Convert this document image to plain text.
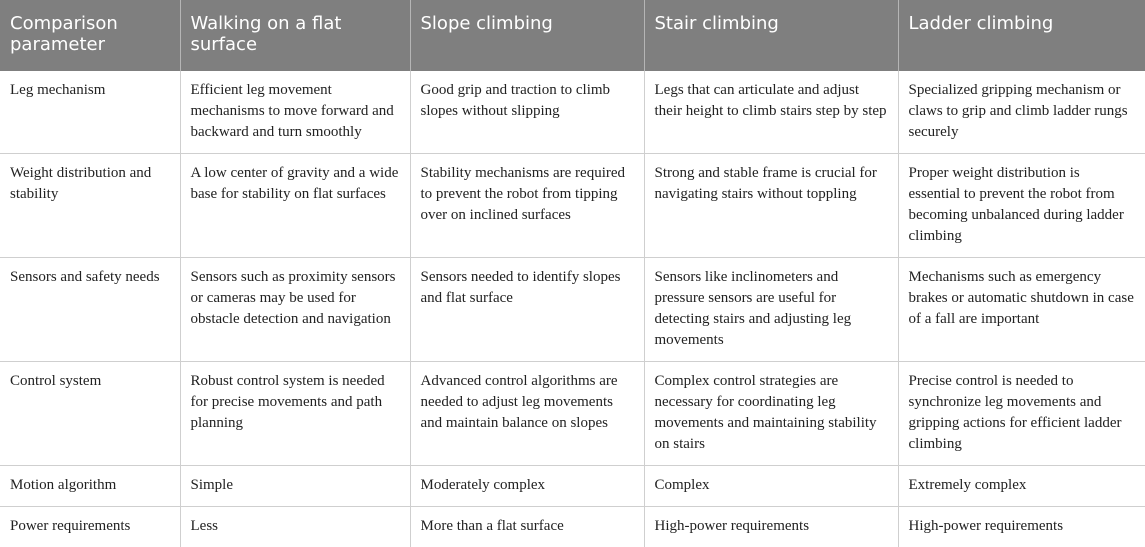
Comparison parameter	Walking on a flat surface	Slope climbing	Stair climbing	Ladder climbing
Leg mechanism	Efficient leg movement mechanisms to move forward and backward and turn smoothly	Good grip and traction to climb slopes without slipping	Legs that can articulate and adjust their height to climb stairs step by step	Specialized gripping mechanism or claws to grip and climb ladder rungs securely
Weight distribution and stability	A low center of gravity and a wide base for stability on flat surfaces	Stability mechanisms are required to prevent the robot from tipping over on inclined surfaces	Strong and stable frame is crucial for navigating stairs without toppling	Proper weight distribution is essential to prevent the robot from becoming unbalanced during ladder climbing
Sensors and safety needs	Sensors such as proximity sensors or cameras may be used for obstacle detection and navigation	Sensors needed to identify slopes and flat surface	Sensors like inclinometers and pressure sensors are useful for detecting stairs and adjusting leg movements	Mechanisms such as emergency brakes or automatic shutdown in case of a fall are important
Control system	Robust control system is needed for precise movements and path planning	Advanced control algorithms are needed to adjust leg movements and maintain balance on slopes	Complex control strategies are necessary for coordinating leg movements and maintaining stability on stairs	Precise control is needed to synchronize leg movements and gripping actions for efficient ladder climbing
Motion algorithm	Simple	Moderately complex	Complex	Extremely complex
Power requirements	Less	More than a flat surface	High-power requirements	High-power requirements
